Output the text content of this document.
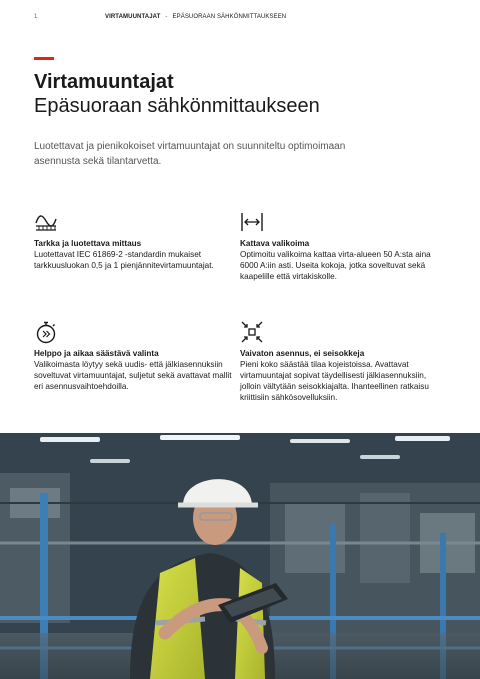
1	VIRTAMUUNTAJAT - EPÄSUORAAN SÄHKÖNMITTAUKSEEN
Virtamuuntajat
Epäsuoraan sähkönmittaukseen
Luotettavat ja pienikokoiset virtamuuntajat on suunniteltu optimoimaan asennusta sekä tilantarvetta.
Tarkka ja luotettava mittaus
Luotettavat IEC 61869-2 -standardin mukaiset tarkkuusluokan 0,5 ja 1 pienjännitevirtamuuntajat.
Kattava valikoima
Optimoitu valikoima kattaa virta-alueen 50 A:sta aina 6000 A:iin asti. Useita kokoja, jotka soveltuvat sekä kaapelille että virtakiskolle.
Helppo ja aikaa säästävä valinta
Valikoimasta löytyy sekä uudis- että jälkiasennuksiin soveltuvat virtamuuntajat, suljetut sekä avattavat mallit eri asennusvaihtoehdoilla.
Vaivaton asennus, ei seisokkeja
Pieni koko säästää tilaa kojeistoissa. Avattavat virtamuuntajat sopivat täydellisesti jälkiasennuksiin, jolloin vältytään seisokkiajalta. Ihanteellinen ratkaisu kriittisiin sähkösovelluksiin.
